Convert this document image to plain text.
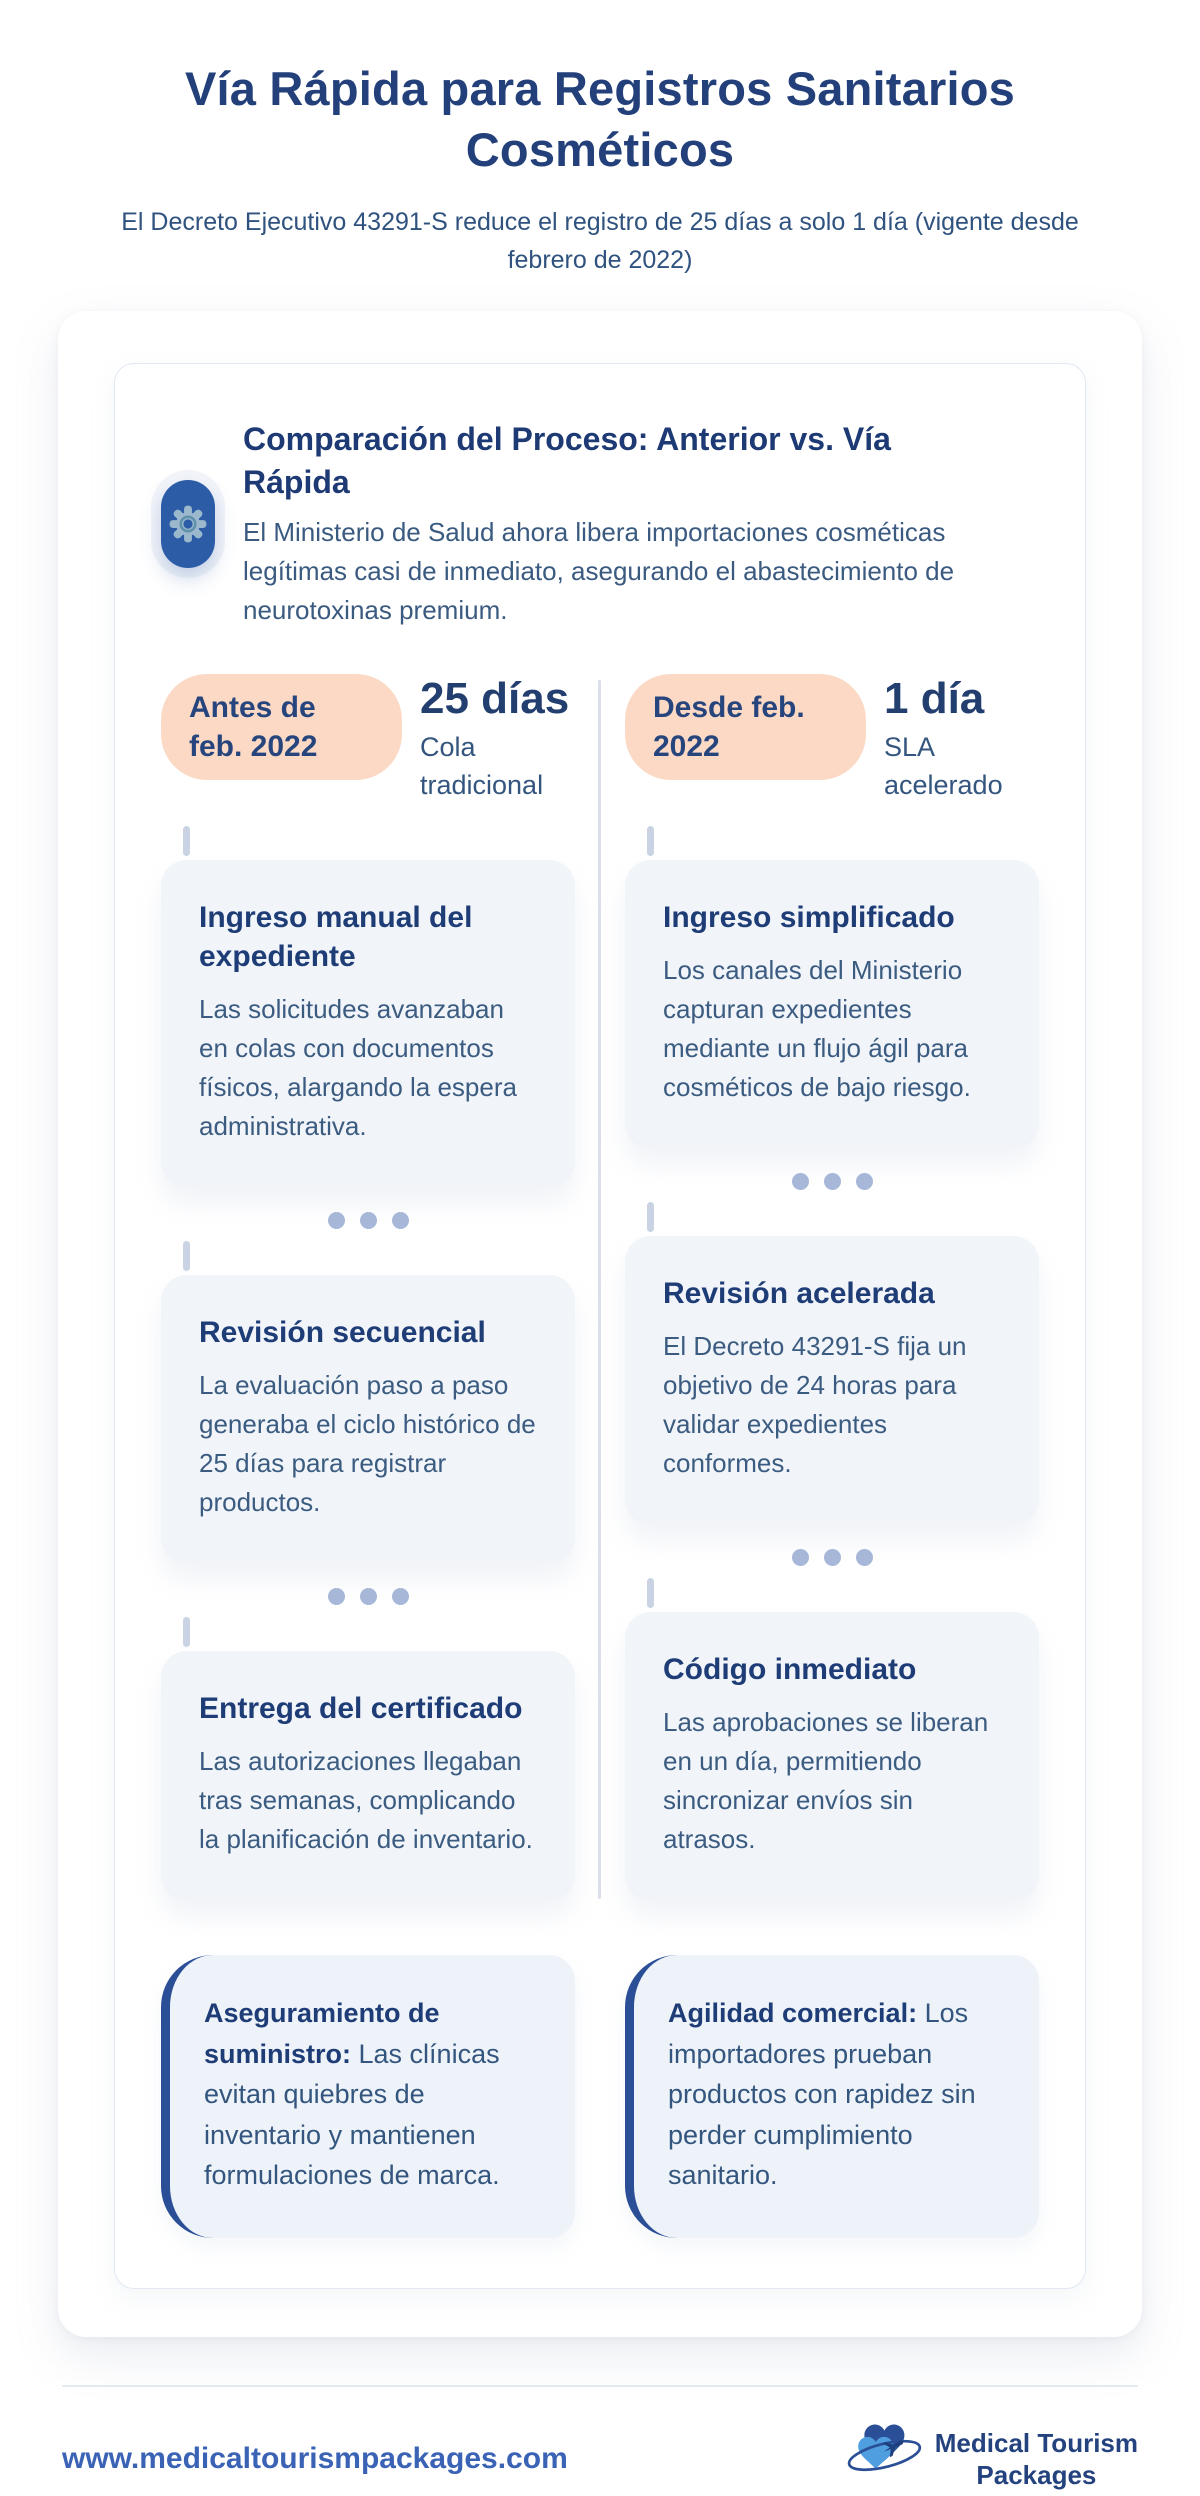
Vía Rápida para Registros Sanitarios Cosméticos
El Decreto Ejecutivo 43291-S reduce el registro de 25 días a solo 1 día (vigente desde febrero de 2022)
Comparación del Proceso: Anterior vs. Vía Rápida

El Ministerio de Salud ahora libera importaciones cosméticas legítimas casi de inmediato, asegurando el abastecimiento de neurotoxinas premium.

Antes de feb. 2022
25 días
Cola tradicional
Ingreso manual del expediente

Las solicitudes avanzaban en colas con documentos físicos, alargando la espera administrativa.

Revisión secuencial

La evaluación paso a paso generaba el ciclo histórico de 25 días para registrar productos.

Entrega del certificado

Las autorizaciones llegaban tras semanas, complicando la planificación de inventario.

Desde feb. 2022
1 día
SLA acelerado
Ingreso simplificado

Los canales del Ministerio capturan expedientes mediante un flujo ágil para cosméticos de bajo riesgo.

Revisión acelerada

El Decreto 43291-S fija un objetivo de 24 horas para validar expedientes conformes.

Código inmediato

Las aprobaciones se liberan en un día, permitiendo sincronizar envíos sin atrasos.

Aseguramiento de suministro: Las clínicas evitan quiebres de inventario y mantienen formulaciones de marca.

Agilidad comercial: Los importadores prueban productos con rapidez sin perder cumplimiento sanitario.

www.medicaltourismpackages.com	Medical Tourism
Packages
